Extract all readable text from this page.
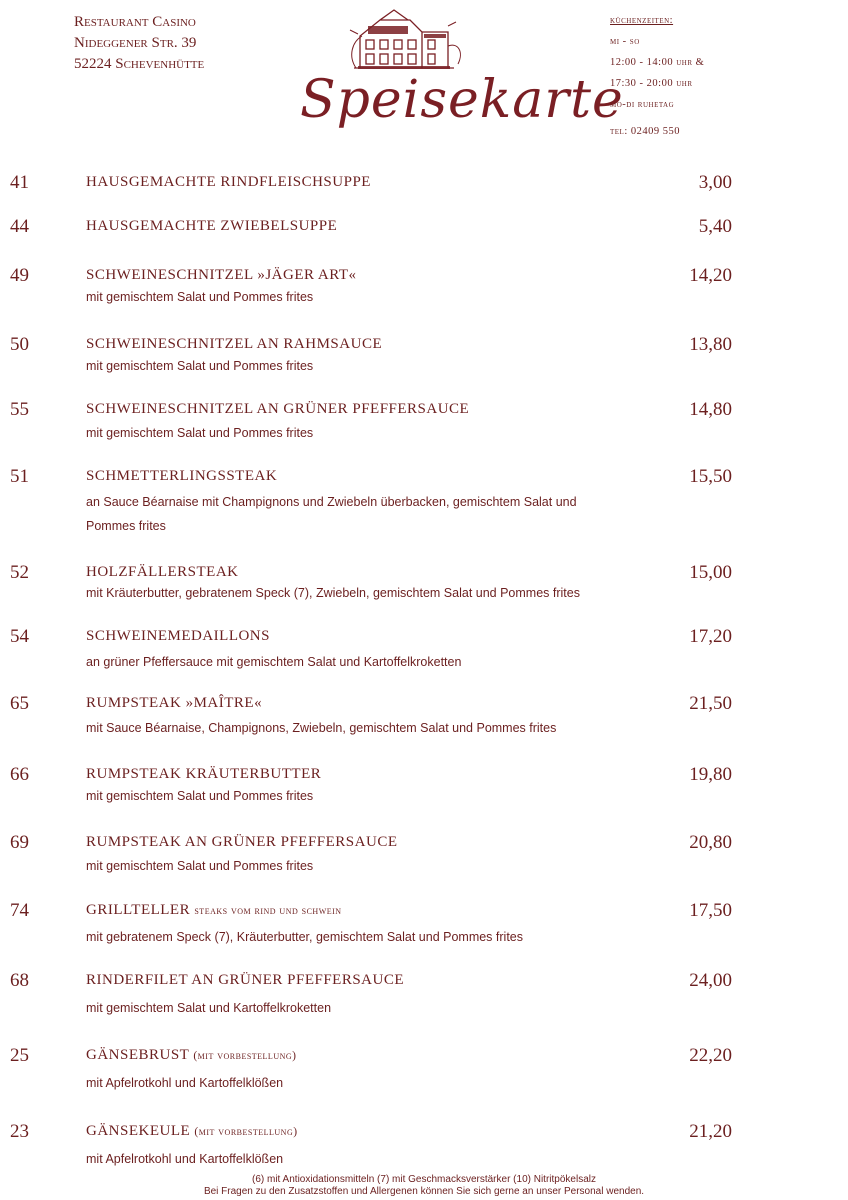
Restaurant Casino
Nideggener Str. 39
52224 Schevenhütte
Speisekarte
küchenzeiten:
mi - so
12:00 - 14:00 uhr &
17:30 - 20:00 uhr
mo-di ruhetag
tel: 02409 550
41	HAUSGEMACHTE RINDFLEISCHSUPPE	3,00
44	HAUSGEMACHTE ZWIEBELSUPPE	5,40
49	SCHWEINESCHNITZEL »JÄGER ART«	14,20
mit gemischtem Salat und Pommes frites
50	SCHWEINESCHNITZEL AN RAHMSAUCE	13,80
mit gemischtem Salat und Pommes frites
55	SCHWEINESCHNITZEL AN GRÜNER PFEFFERSAUCE	14,80
mit gemischtem Salat und Pommes frites
51	SCHMETTERLINGSSTEAK	15,50
an Sauce Béarnaise mit Champignons und Zwiebeln überbacken, gemischtem Salat und Pommes frites
52	HOLZFÄLLERSTEAK	15,00
mit Kräuterbutter, gebratenem Speck (7), Zwiebeln, gemischtem Salat und Pommes frites
54	SCHWEINEMEDAILLONS	17,20
an grüner Pfeffersauce mit gemischtem Salat und Kartoffelkroketten
65	RUMPSTEAK »MAÎTRE«	21,50
mit Sauce Béarnaise, Champignons, Zwiebeln, gemischtem Salat und Pommes frites
66	RUMPSTEAK KRÄUTERBUTTER	19,80
mit gemischtem Salat und Pommes frites
69	RUMPSTEAK AN GRÜNER PFEFFERSAUCE	20,80
mit gemischtem Salat und Pommes frites
74	GRILLTELLER steaks vom rind und schwein	17,50
mit gebratenem Speck (7), Kräuterbutter, gemischtem Salat und Pommes frites
68	RINDERFILET AN GRÜNER PFEFFERSAUCE	24,00
mit gemischtem Salat und Kartoffelkroketten
25	GÄNSEBRUST (mit vorbestellung)	22,20
mit Apfelrotkohl und Kartoffelklößen
23	GÄNSEKEULE (mit vorbestellung)	21,20
mit Apfelrotkohl und Kartoffelklößen
(6) mit Antioxidationsmitteln (7) mit Geschmacksverstärker (10) Nitritpökelsalz
Bei Fragen zu den Zusatzstoffen und Allergenen können Sie sich gerne an unser Personal wenden.
